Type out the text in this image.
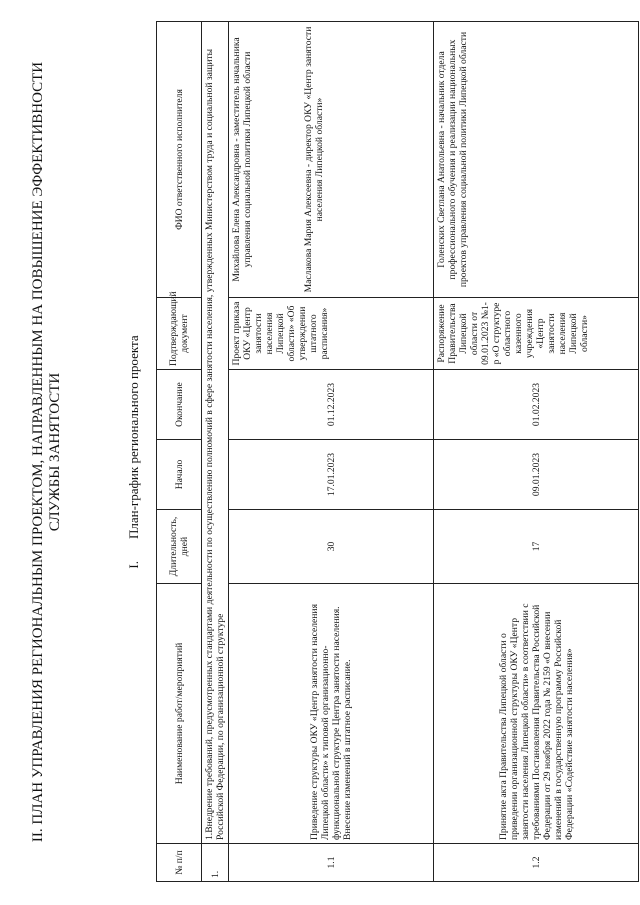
II. ПЛАН УПРАВЛЕНИЯ РЕГИОНАЛЬНЫМ ПРОЕКТОМ, НАПРАВЛЕННЫМ НА ПОВЫШЕНИЕ ЭФФЕКТИВНОСТИ СЛУЖБЫ ЗАНЯТОСТИ
I.План-график регионального проекта
№ п/п	Наименование работ/мероприятий	Длительность, дней	Начало	Окончание	Подтверждающий документ	ФИО ответственного исполнителя
1.	1.Внедрение требований, предусмотренных стандартами деятельности по осуществлению полномочий в сфере занятости населения, утвержденных Министерством труда и социальной защиты Российской Федерации, по организационной структуре					
1.1	Приведение структуры ОКУ «Центр занятости населения Липецкой области» к типовой организационно-функциональной структуре Центра занятости населения. Внесение изменений в штатное расписание.	30	17.01.2023	01.12.2023	Проект приказа ОКУ «Центр занятости населения Липецкой области» «Об утверждении штатного расписания»	Михайлова Елена Александровна - заместитель начальника управления социальной политики Липецкой области Маслакова Мария Алексеевна - директор ОКУ «Центр занятости населения Липецкой области»

1.2	Принятие акта Правительства Липецкой области о приведении организационной структуры ОКУ «Центр занятости населения Липецкой области» в соответствии с требованиями Постановления Правительства Российской Федерации от 29 ноября 2022 года № 2159 «О внесении изменений в государственную программу Российской Федерации «Содействие занятости населения»	17	09.01.2023	01.02.2023	Распоряжение Правительства Липецкой области от 09.01.2023 №1-р «О структуре областного казенного учреждения «Центр занятости населения Липецкой области»	Голенских Светлана Анатольевна - начальник отдела профессионального обучения и реализации национальных проектов управления социальной политики Липецкой области
